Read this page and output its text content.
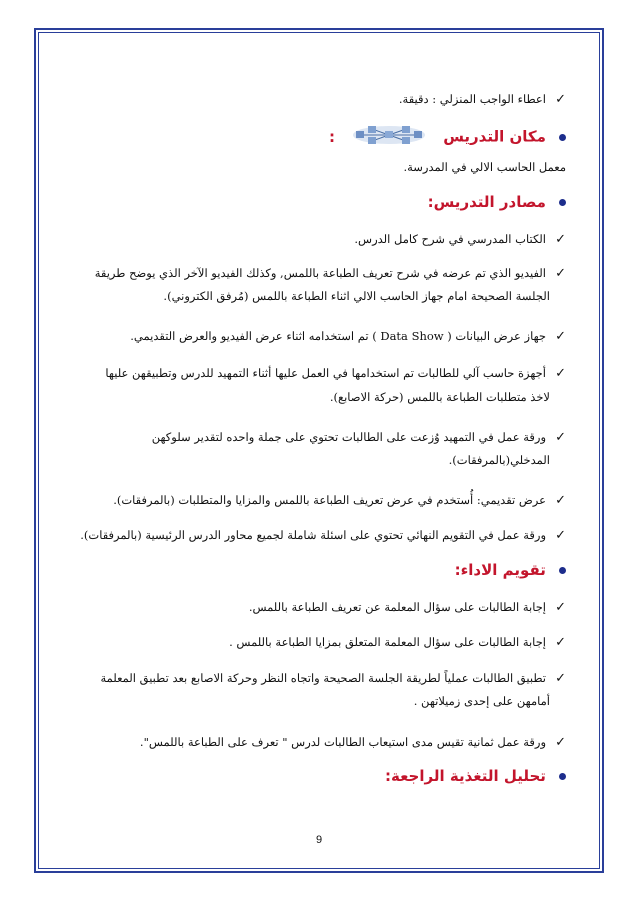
✓ اعطاء الواجب المنزلي : دقيقة.
مكان التدريس  :
معمل الحاسب الالي في المدرسة.
مصادر التدريس:
✓ الكتاب المدرسي في شرح كامل الدرس.
✓ الفيديو الذي تم عرضه في شرح تعريف الطباعة باللمس, وكذلك الفيديو الآخر الذي يوضح طريقة
الجلسة الصحيحة امام جهاز الحاسب الالي اثناء الطباعة باللمس (مُرفق الكتروني).
✓ جهاز عرض البيانات ( Data Show ) تم استخدامه اثناء عرض الفيديو والعرض التقديمي.
✓ أجهزة حاسب آلي للطالبات تم استخدامها في العمل عليها أثناء التمهيد للدرس وتطبيقهن عليها
لاخذ متطلبات الطباعة باللمس (حركة الاصابع).
✓ ورقة عمل في التمهيد وُزعت على الطالبات تحتوي على جملة واحده لتقدير سلوكهن
المدخلي(بالمرفقات).
✓ عرض تقديمي: أُستخدم في عرض تعريف الطباعة باللمس والمزايا والمتطلبات (بالمرفقات).
✓ ورقة عمل في التقويم النهائي تحتوي على اسئلة شاملة لجميع محاور الدرس الرئيسية (بالمرفقات).
تقويم الاداء:
✓ إجابة الطالبات على سؤال المعلمة عن تعريف الطباعة باللمس.
✓ إجابة الطالبات على سؤال المعلمة المتعلق بمزايا الطباعة باللمس .
✓ تطبيق الطالبات عملياً لطريقة الجلسة الصحيحة واتجاه النظر وحركة الاصابع بعد تطبيق المعلمة
أمامهن على إحدى زميلاتهن .
✓ ورقة عمل ثمانية تقيس مدى استيعاب الطالبات لدرس " تعرف على الطباعة باللمس".
تحليل التغذية الراجعة:
9
